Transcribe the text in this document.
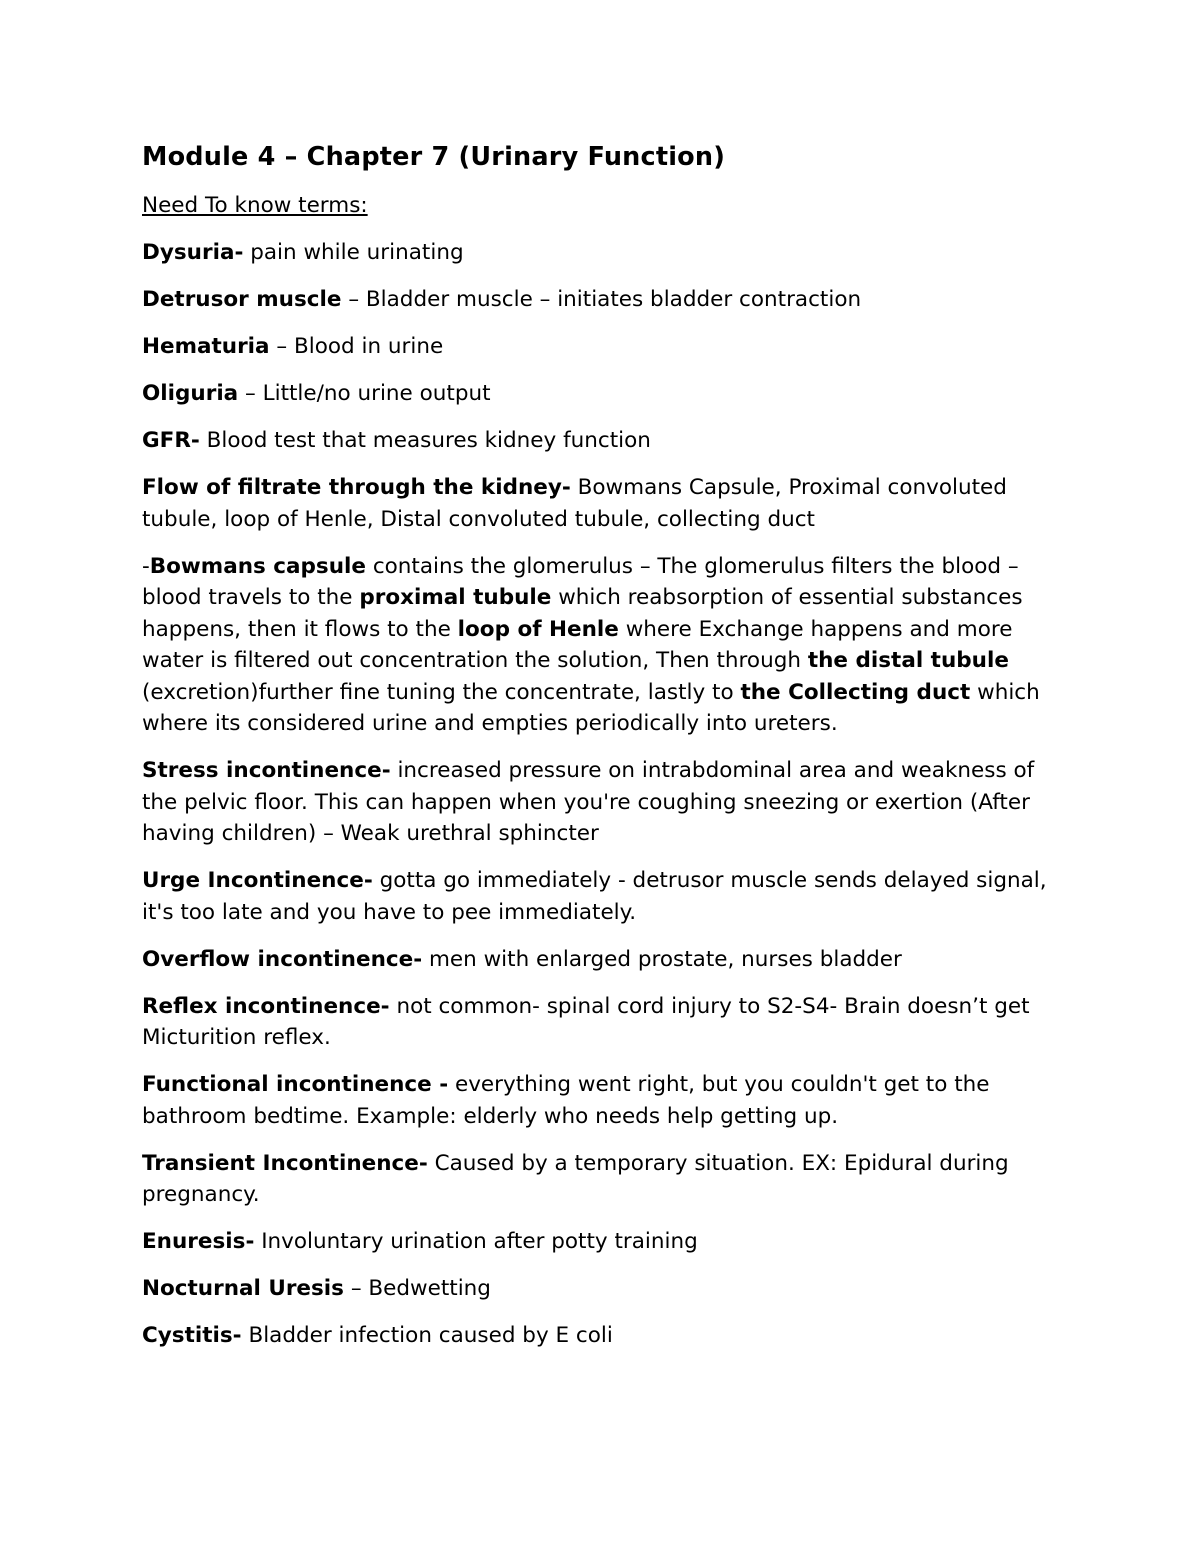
Module 4 – Chapter 7 (Urinary Function)
Need To know terms:
Dysuria- pain while urinating
Detrusor muscle – Bladder muscle – initiates bladder contraction
Hematuria – Blood in urine
Oliguria – Little/no urine output
GFR- Blood test that measures kidney function
Flow of filtrate through the kidney- Bowmans Capsule, Proximal convoluted tubule, loop of Henle, Distal convoluted tubule, collecting duct
-Bowmans capsule contains the glomerulus – The glomerulus filters the blood – blood travels to the proximal tubule which reabsorption of essential substances happens, then it flows to the loop of Henle where Exchange happens and more water is filtered out concentration the solution, Then through the distal tubule (excretion)further fine tuning the concentrate, lastly to the Collecting duct which where its considered urine and empties periodically into ureters.
Stress incontinence- increased pressure on intrabdominal area and weakness of the pelvic floor. This can happen when you're coughing sneezing or exertion (After having children) – Weak urethral sphincter
Urge Incontinence- gotta go immediately - detrusor muscle sends delayed signal, it's too late and you have to pee immediately.
Overflow incontinence- men with enlarged prostate, nurses bladder
Reflex incontinence- not common- spinal cord injury to S2-S4- Brain doesn’t get Micturition reflex.
Functional incontinence - everything went right, but you couldn't get to the bathroom bedtime. Example: elderly who needs help getting up.
Transient Incontinence- Caused by a temporary situation. EX: Epidural during pregnancy.
Enuresis- Involuntary urination after potty training
Nocturnal Uresis – Bedwetting
Cystitis- Bladder infection caused by E coli
